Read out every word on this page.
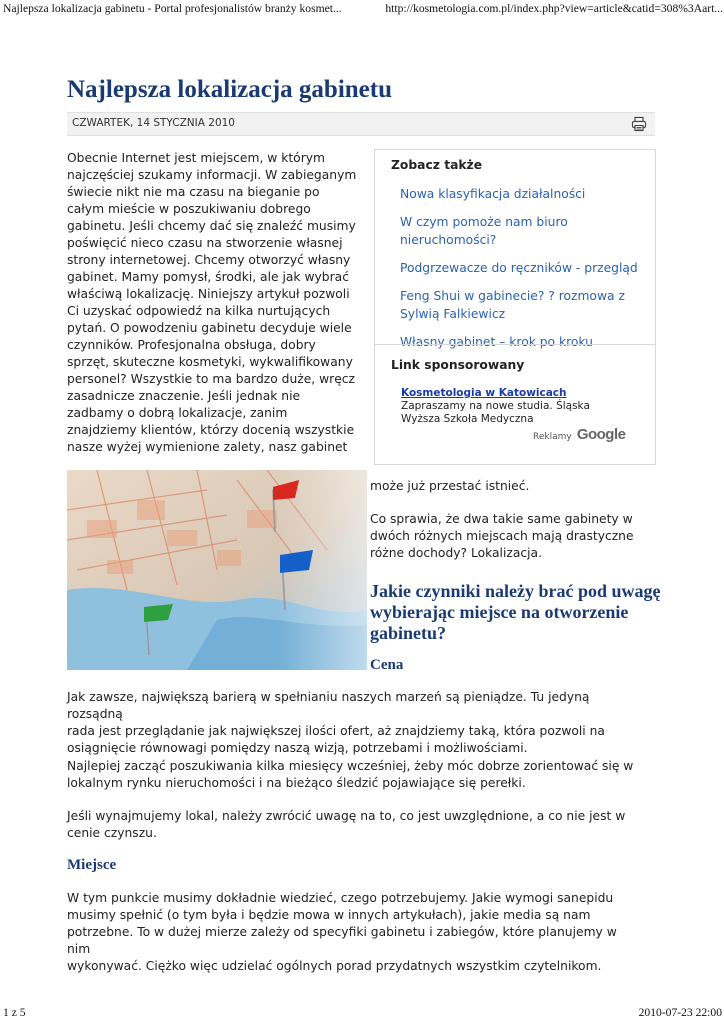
Najlepsza lokalizacja gabinetu - Portal profesjonalistów branży kosmet...	http://kosmetologia.com.pl/index.php?view=article&catid=308%3Aart...
Najlepsza lokalizacja gabinetu
CZWARTEK, 14 STYCZNIA 2010
Obecnie Internet jest miejscem, w którym
najczęściej szukamy informacji. W zabieganym
świecie nikt nie ma czasu na bieganie po
całym mieście w poszukiwaniu dobrego
gabinetu. Jeśli chcemy dać się znaleźć musimy
poświęcić nieco czasu na stworzenie własnej
strony internetowej. Chcemy otworzyć własny
gabinet. Mamy pomysł, środki, ale jak wybrać
właściwą lokalizację. Niniejszy artykuł pozwoli
Ci uzyskać odpowiedź na kilka nurtujących
pytań. O powodzeniu gabinetu decyduje wiele
czynników. Profesjonalna obsługa, dobry
sprzęt, skuteczne kosmetyki, wykwalifikowany
personel? Wszystkie to ma bardzo duże, wręcz
zasadnicze znaczenie. Jeśli jednak nie
zadbamy o dobrą lokalizacje, zanim
znajdziemy klientów, którzy docenią wszystkie
nasze wyżej wymienione zalety, nasz gabinet
Zobacz także
Nowa klasyfikacja działalności
W czym pomoże nam biuro nieruchomości?
Podgrzewacze do ręczników - przegląd
Feng Shui w gabinecie? ? rozmowa z Sylwią Falkiewicz
Własny gabinet – krok po kroku
Link sponsorowany
Kosmetologia w Katowicach
Zapraszamy na nowe studia. Śląska
Wyższa Szkoła Medyczna
Reklamy Google
może już przestać istnieć.
Co sprawia, że dwa takie same gabinety w
dwóch różnych miejscach mają drastyczne
różne dochody? Lokalizacja.
Jakie czynniki należy brać pod uwagę
wybierając miejsce na otworzenie
gabinetu?
Cena
Jak zawsze, największą barierą w spełnianiu naszych marzeń są pieniądze. Tu jedyną rozsądną
rada jest przeglądanie jak największej ilości ofert, aż znajdziemy taką, która pozwoli na
osiągnięcie równowagi pomiędzy naszą wizją, potrzebami i możliwościami.
Najlepiej zacząć poszukiwania kilka miesięcy wcześniej, żeby móc dobrze zorientować się w
lokalnym rynku nieruchomości i na bieżąco śledzić pojawiające się perełki.
Jeśli wynajmujemy lokal, należy zwrócić uwagę na to, co jest uwzględnione, a co nie jest w
cenie czynszu.
Miejsce
W tym punkcie musimy dokładnie wiedzieć, czego potrzebujemy. Jakie wymogi sanepidu
musimy spełnić (o tym była i będzie mowa w innych artykułach), jakie media są nam
potrzebne. To w dużej mierze zależy od specyfiki gabinetu i zabiegów, które planujemy w nim
wykonywać. Ciężko więc udzielać ogólnych porad przydatnych wszystkim czytelnikom.
1 z 5	2010-07-23 22:00
